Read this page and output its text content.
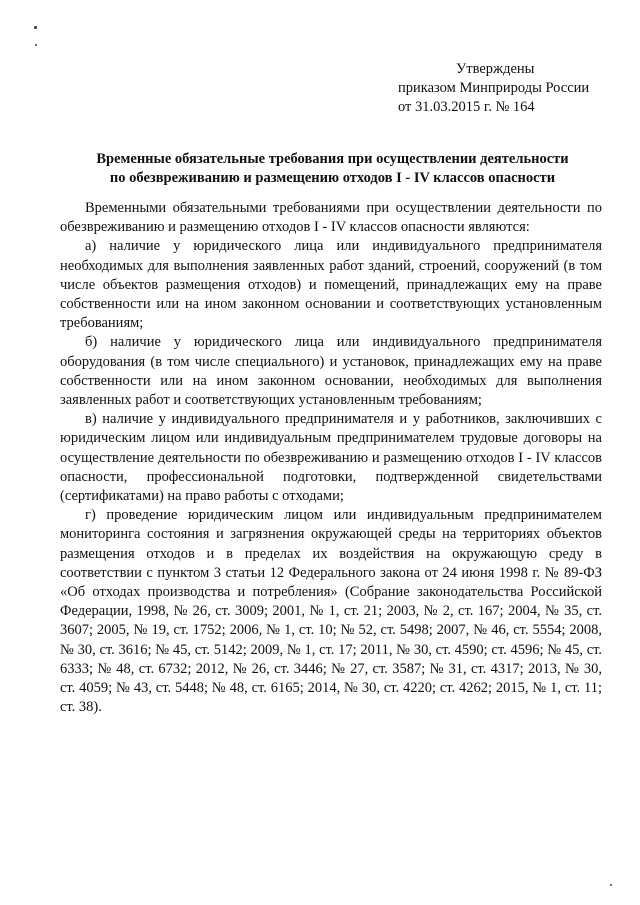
Утверждены
приказом Минприроды России
от 31.03.2015 г. № 164
Временные обязательные требования при осуществлении деятельности
по обезвреживанию и размещению отходов I - IV классов опасности

Временными обязательными требованиями при осуществлении деятельности по обезвреживанию и размещению отходов I - IV классов опасности являются:

а) наличие у юридического лица или индивидуального предпринимателя необходимых для выполнения заявленных работ зданий, строений, сооружений (в том числе объектов размещения отходов) и помещений, принадлежащих ему на праве собственности или на ином законном основании и соответствующих установленным требованиям;

б) наличие у юридического лица или индивидуального предпринимателя оборудования (в том числе специального) и установок, принадлежащих ему на праве собственности или на ином законном основании, необходимых для выполнения заявленных работ и соответствующих установленным требованиям;

в) наличие у индивидуального предпринимателя и у работников, заключивших с юридическим лицом или индивидуальным предпринимателем трудовые договоры на осуществление деятельности по обезвреживанию и размещению отходов I - IV классов опасности, профессиональной подготовки, подтвержденной свидетельствами (сертификатами) на право работы с отходами;

г) проведение юридическим лицом или индивидуальным предпринимателем мониторинга состояния и загрязнения окружающей среды на территориях объектов размещения отходов и в пределах их воздействия на окружающую среду в соответствии с пунктом 3 статьи 12 Федерального закона от 24 июня 1998 г. № 89-ФЗ «Об отходах производства и потребления» (Собрание законодательства Российской Федерации, 1998, № 26, ст. 3009; 2001, № 1, ст. 21; 2003, № 2, ст. 167; 2004, № 35, ст. 3607; 2005, № 19, ст. 1752; 2006, № 1, ст. 10; № 52, ст. 5498; 2007, № 46, ст. 5554; 2008, № 30, ст. 3616; № 45, ст. 5142; 2009, № 1, ст. 17; 2011, № 30, ст. 4590; ст. 4596; № 45, ст. 6333; № 48, ст. 6732; 2012, № 26, ст. 3446; № 27, ст. 3587; № 31, ст. 4317; 2013, № 30, ст. 4059; № 43, ст. 5448; № 48, ст. 6165; 2014, № 30, ст. 4220; ст. 4262; 2015, № 1, ст. 11; ст. 38).
